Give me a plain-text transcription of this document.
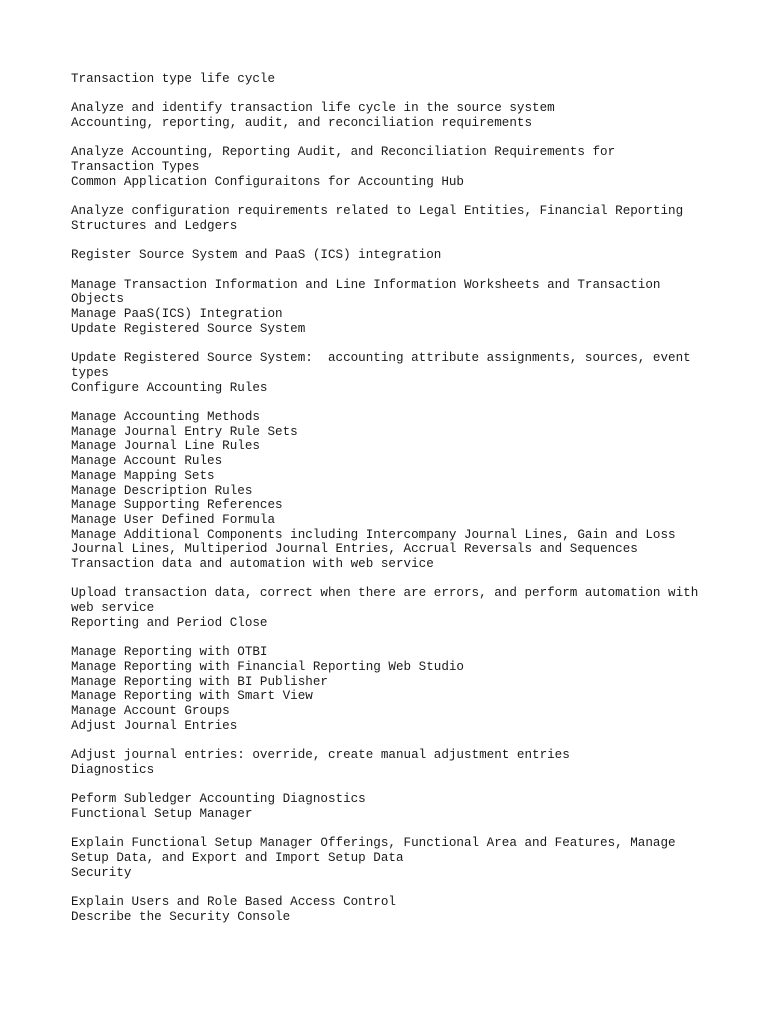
Transaction type life cycle
Analyze and identify transaction life cycle in the source system
Accounting, reporting, audit, and reconciliation requirements
Analyze Accounting, Reporting Audit, and Reconciliation Requirements for
Transaction Types
Common Application Configuraitons for Accounting Hub
Analyze configuration requirements related to Legal Entities, Financial Reporting
Structures and Ledgers
Register Source System and PaaS (ICS) integration
Manage Transaction Information and Line Information Worksheets and Transaction
Objects
Manage PaaS(ICS) Integration
Update Registered Source System
Update Registered Source System:  accounting attribute assignments, sources, event
types
Configure Accounting Rules
Manage Accounting Methods
Manage Journal Entry Rule Sets
Manage Journal Line Rules
Manage Account Rules
Manage Mapping Sets
Manage Description Rules
Manage Supporting References
Manage User Defined Formula
Manage Additional Components including Intercompany Journal Lines, Gain and Loss
Journal Lines, Multiperiod Journal Entries, Accrual Reversals and Sequences
Transaction data and automation with web service
Upload transaction data, correct when there are errors, and perform automation with
web service
Reporting and Period Close
Manage Reporting with OTBI
Manage Reporting with Financial Reporting Web Studio
Manage Reporting with BI Publisher
Manage Reporting with Smart View
Manage Account Groups
Adjust Journal Entries
Adjust journal entries: override, create manual adjustment entries
Diagnostics
Peform Subledger Accounting Diagnostics
Functional Setup Manager
Explain Functional Setup Manager Offerings, Functional Area and Features, Manage
Setup Data, and Export and Import Setup Data
Security
Explain Users and Role Based Access Control
Describe the Security Console
